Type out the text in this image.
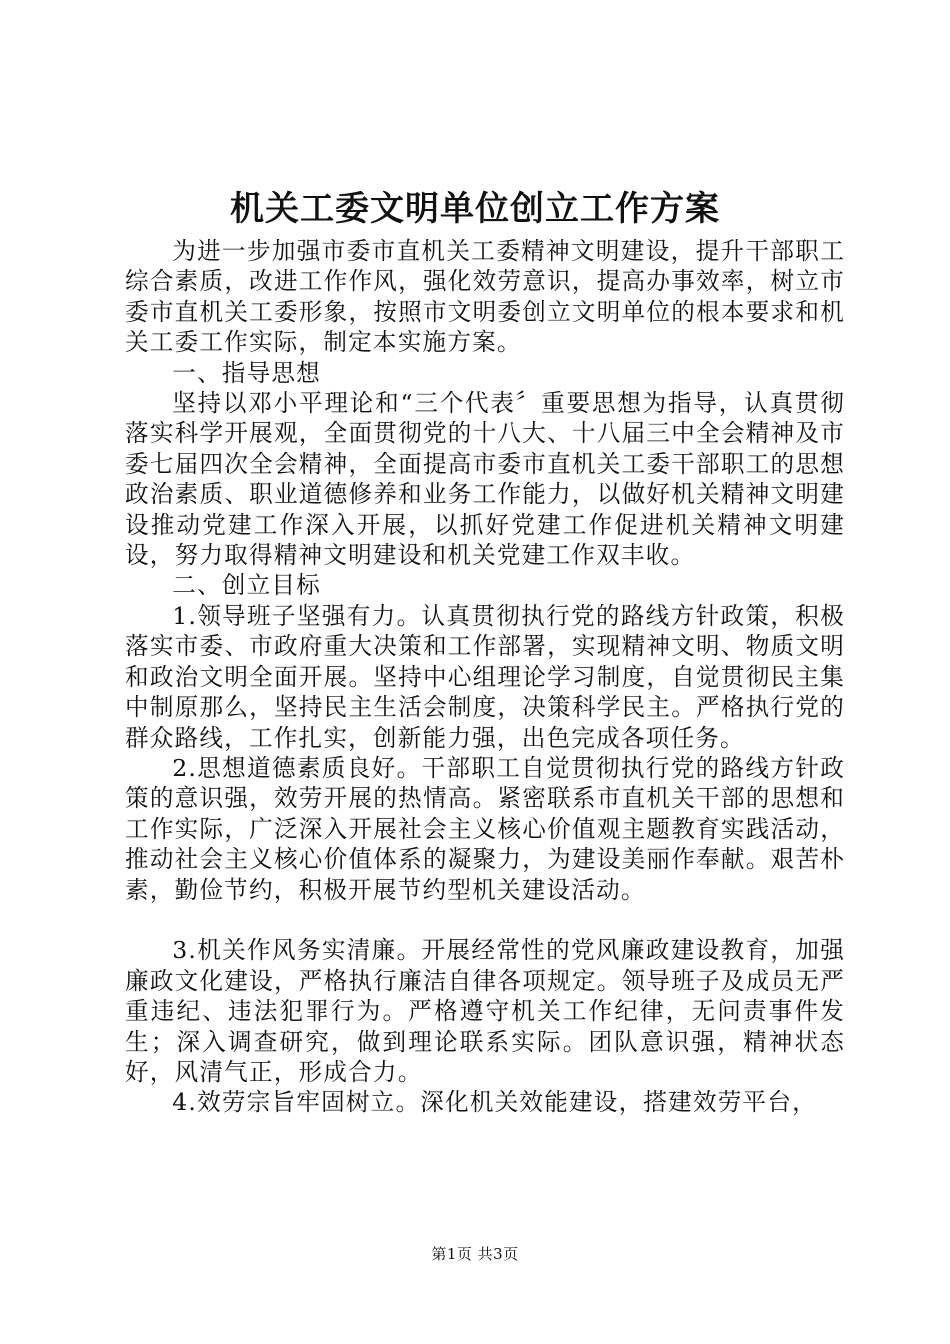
机关工委文明单位创立工作方案

为进一步加强市委市直机关工委精神文明建设，提升干部职工综合素质，改进工作作风，强化效劳意识，提高办事效率，树立市委市直机关工委形象，按照市文明委创立文明单位的根本要求和机关工委工作实际，制定本实施方案。

一、指导思想

坚持以邓小平理论和“三个代表〞重要思想为指导，认真贯彻落实科学开展观，全面贯彻党的十八大、十八届三中全会精神及市委七届四次全会精神，全面提高市委市直机关工委干部职工的思想政治素质、职业道德修养和业务工作能力，以做好机关精神文明建设推动党建工作深入开展，以抓好党建工作促进机关精神文明建设，努力取得精神文明建设和机关党建工作双丰收。

二、创立目标

1.领导班子坚强有力。认真贯彻执行党的路线方针政策，积极落实市委、市政府重大决策和工作部署，实现精神文明、物质文明和政治文明全面开展。坚持中心组理论学习制度，自觉贯彻民主集中制原那么，坚持民主生活会制度，决策科学民主。严格执行党的群众路线，工作扎实，创新能力强，出色完成各项任务。

2.思想道德素质良好。干部职工自觉贯彻执行党的路线方针政策的意识强，效劳开展的热情高。紧密联系市直机关干部的思想和工作实际，广泛深入开展社会主义核心价值观主题教育实践活动，推动社会主义核心价值体系的凝聚力，为建设美丽作奉献。艰苦朴素，勤俭节约，积极开展节约型机关建设活动。

3.机关作风务实清廉。开展经常性的党风廉政建设教育，加强廉政文化建设，严格执行廉洁自律各项规定。领导班子及成员无严重违纪、违法犯罪行为。严格遵守机关工作纪律，无问责事件发生；深入调查研究，做到理论联系实际。团队意识强，精神状态好，风清气正，形成合力。

4.效劳宗旨牢固树立。深化机关效能建设，搭建效劳平台，

第1页 共3页
